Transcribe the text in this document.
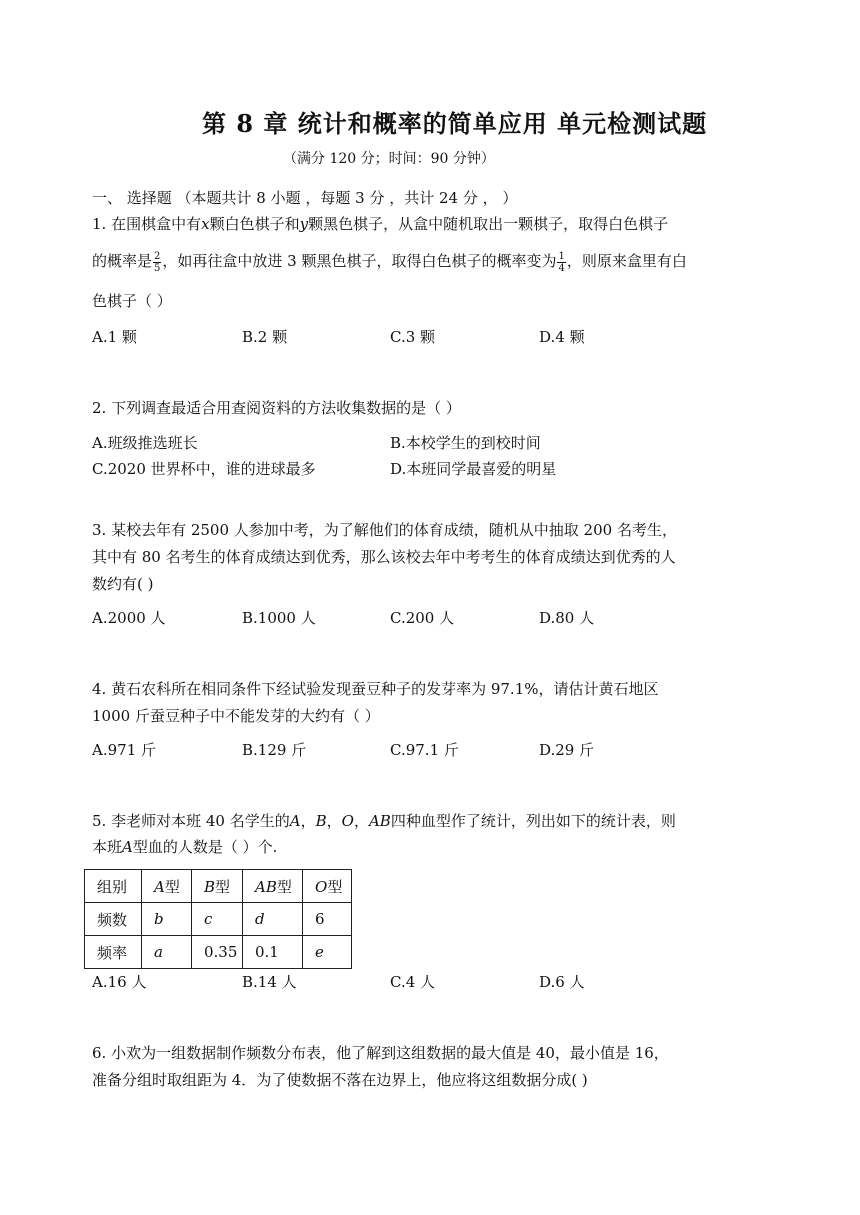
第 8 章 统计和概率的简单应用 单元检测试题
（满分 120 分；时间：90 分钟）
一、 选择题 （本题共计 8 小题 ，每题 3 分 ，共计 24 分 ， ）
1. 在围棋盒中有x颗白色棋子和y颗黑色棋子，从盒中随机取出一颗棋子，取得白色棋子
的概率是 $\frac{2}{5}$ ，如再往盒中放进 3 颗黑色棋子，取得白色棋子的概率变为 $\frac{1}{4}$ ，则原来盒里有白
色棋子（ ）
A.1 颗	B.2 颗	C.3 颗	D.4 颗
2. 下列调查最适合用查阅资料的方法收集数据的是（ ）
A.班级推选班长	B.本校学生的到校时间
C.2020 世界杯中，谁的进球最多	D.本班同学最喜爱的明星
3. 某校去年有 2500 人参加中考，为了解他们的体育成绩，随机从中抽取 200 名考生，
其中有 80 名考生的体育成绩达到优秀，那么该校去年中考考生的体育成绩达到优秀的人
数约有( )
A.2000 人	B.1000 人	C.200 人	D.80 人
4. 黄石农科所在相同条件下经试验发现蚕豆种子的发芽率为 97.1%，请估计黄石地区
1000 斤蚕豆种子中不能发芽的大约有（ ）
A.971 斤	B.129 斤	C.97.1 斤	D.29 斤
5. 李老师对本班 40 名学生的A，B，O，AB四种血型作了统计，列出如下的统计表，则
本班A型血的人数是（ ）个.
组别	A型	B型	AB型	O型
频数	b	c	d	6
频率	a	0.35	0.1	e
A.16 人	B.14 人	C.4 人	D.6 人
6. 小欢为一组数据制作频数分布表，他了解到这组数据的最大值是 40，最小值是 16，
准备分组时取组距为 4．为了使数据不落在边界上，他应将这组数据分成( )
